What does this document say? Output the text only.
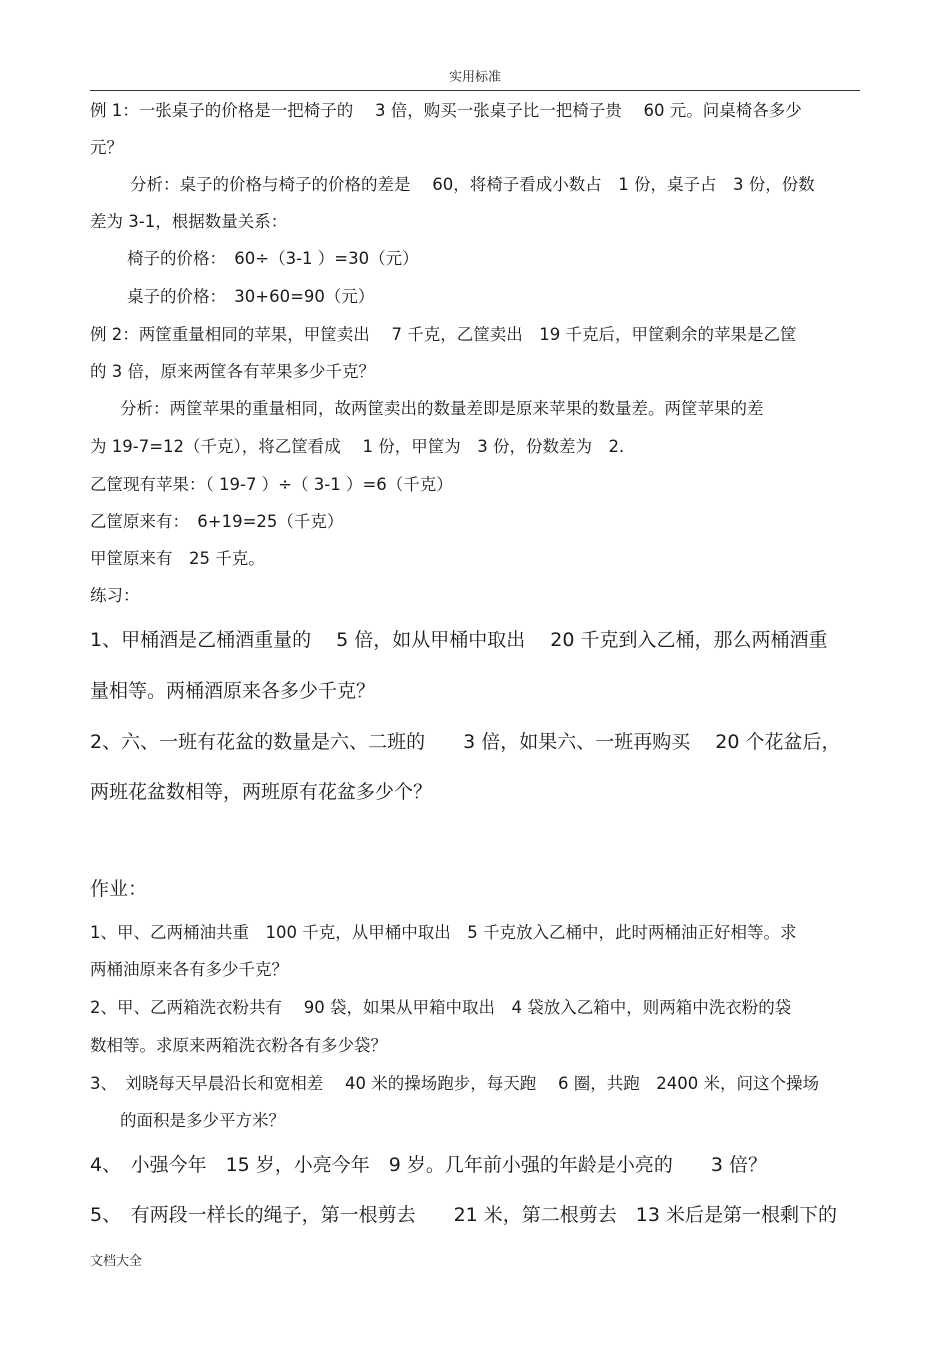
实用标准
例 1：一张桌子的价格是一把椅子的　 3 倍，购买一张桌子比一把椅子贵　 60 元。问桌椅各多少
元？
分析：桌子的价格与椅子的价格的差是　 60，将椅子看成小数占　1 份，桌子占　3 份，份数
差为 3-1，根据数量关系：
椅子的价格：　60÷（3-1 ）=30（元）
桌子的价格：　30+60=90（元）
例 2：两筐重量相同的苹果，甲筐卖出　 7 千克，乙筐卖出　19 千克后，甲筐剩余的苹果是乙筐
的 3 倍，原来两筐各有苹果多少千克？
分析：两筐苹果的重量相同，故两筐卖出的数量差即是原来苹果的数量差。两筐苹果的差
为 19-7=12（千克），将乙筐看成　 1 份，甲筐为　3 份，份数差为　2.
乙筐现有苹果：（ 19-7 ）÷（ 3-1 ）=6（千克）
乙筐原来有：　6+19=25（千克）
甲筐原来有　25 千克。
练习：
1、甲桶酒是乙桶酒重量的　 5 倍，如从甲桶中取出　 20 千克到入乙桶，那么两桶酒重
量相等。两桶酒原来各多少千克？
2、六、一班有花盆的数量是六、二班的　　3 倍，如果六、一班再购买　 20 个花盆后，
两班花盆数相等，两班原有花盆多少个？
作业：
1、甲、乙两桶油共重　100 千克，从甲桶中取出　5 千克放入乙桶中，此时两桶油正好相等。求
两桶油原来各有多少千克？
2、甲、乙两箱洗衣粉共有　 90 袋，如果从甲箱中取出　4 袋放入乙箱中，则两箱中洗衣粉的袋
数相等。求原来两箱洗衣粉各有多少袋？
3、　刘晓每天早晨沿长和宽相差　 40 米的操场跑步，每天跑　 6 圈，共跑　2400 米，问这个操场
的面积是多少平方米？
4、　小强今年　15 岁，小亮今年　9 岁。几年前小强的年龄是小亮的　　3 倍？
5、　有两段一样长的绳子，第一根剪去　　21 米，第二根剪去　13 米后是第一根剩下的
文档大全
